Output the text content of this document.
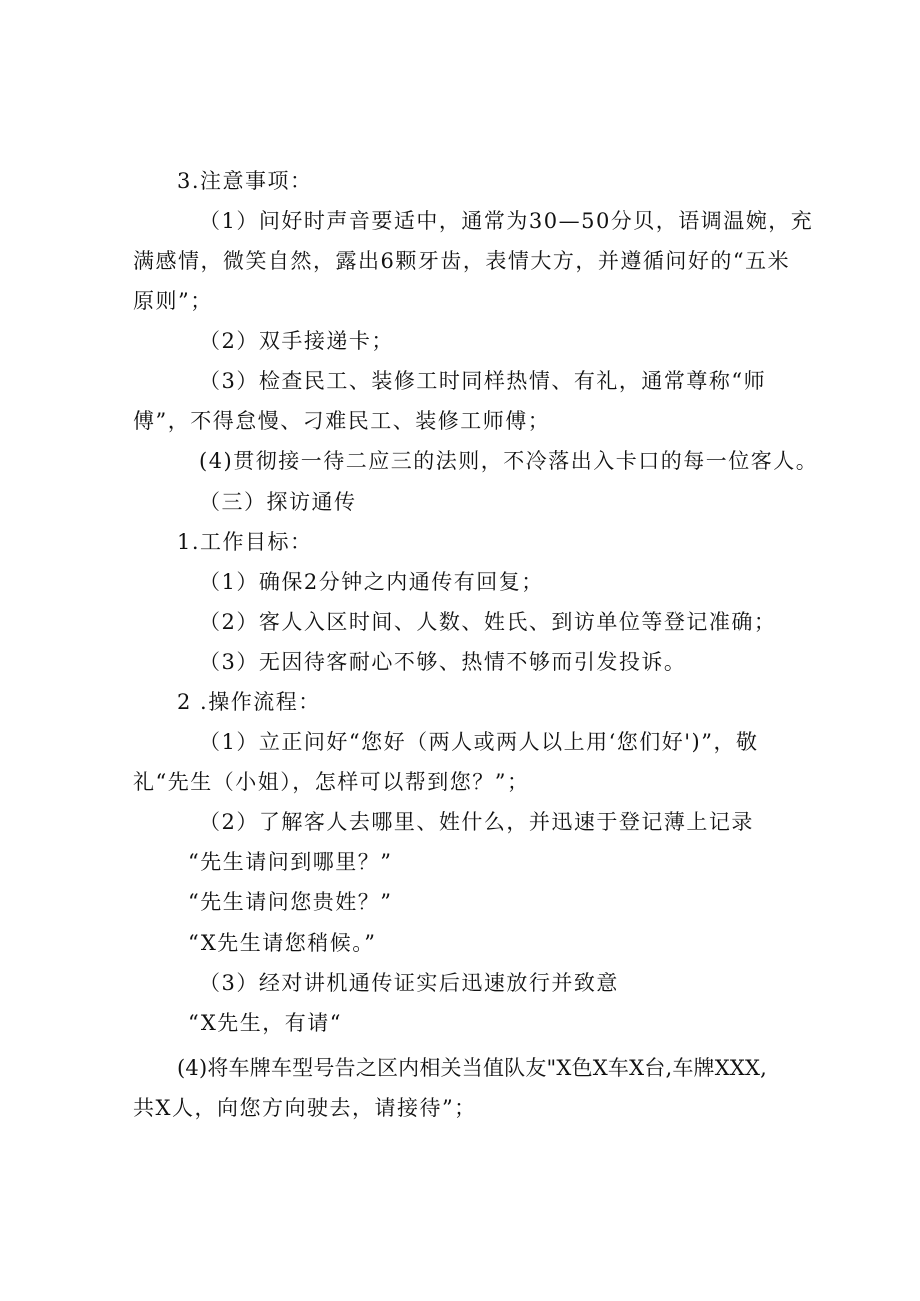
3.注意事项：
（1）问好时声音要适中，通常为30—50分贝，语调温婉，充
满感情，微笑自然，露出6颗牙齿，表情大方，并遵循问好的“五米
原则”；
（2）双手接递卡；
（3）检查民工、装修工时同样热情、有礼，通常尊称“师
傅”，不得怠慢、刁难民工、装修工师傅；
(4)贯彻接一待二应三的法则，不冷落出入卡口的每一位客人。
（三）探访通传
1.工作目标：
（1）确保2分钟之内通传有回复；
（2）客人入区时间、人数、姓氏、到访单位等登记准确；
（3）无因待客耐心不够、热情不够而引发投诉。
2 .操作流程：
（1）立正问好“您好（两人或两人以上用‘您们好')”，敬
礼“先生（小姐），怎样可以帮到您？”；
（2）了解客人去哪里、姓什么，并迅速于登记薄上记录
“先生请问到哪里？”
“先生请问您贵姓？”
“X先生请您稍候。”
（3）经对讲机通传证实后迅速放行并致意
“X先生，有请“
(4)将车牌车型号告之区内相关当值队友"X色X车X台,车牌XXX,
共X人，向您方向驶去，请接待”；
